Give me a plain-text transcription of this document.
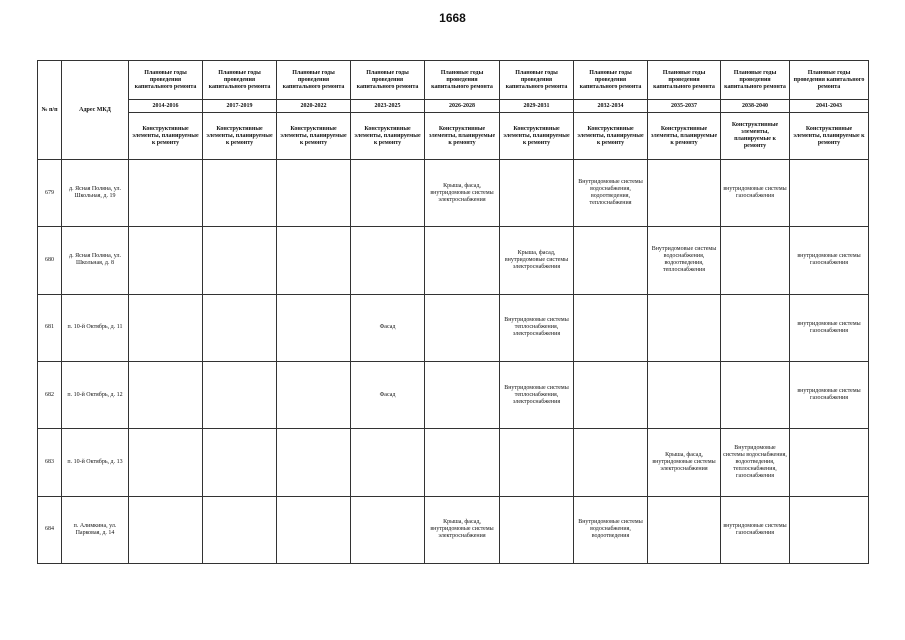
1668
№ п/п	Адрес МКД	Плановые годы проведения капитального ремонта	Плановые годы проведения капитального ремонта	Плановые годы проведения капитального ремонта	Плановые годы проведения капитального ремонта	Плановые годы проведения капитального ремонта	Плановые годы проведения капитального ремонта	Плановые годы проведения капитального ремонта	Плановые годы проведения капитального ремонта	Плановые годы проведения капитального ремонта	Плановые годы проведения капитального ремонта
		2014-2016	2017-2019	2020-2022	2023-2025	2026-2028	2029-2031	2032-2034	2035-2037	2038-2040	2041-2043
		Конструктивные элементы, планируемые к ремонту	Конструктивные элементы, планируемые к ремонту	Конструктивные элементы, планируемые к ремонту	Конструктивные элементы, планируемые к ремонту	Конструктивные элементы, планируемые к ремонту	Конструктивные элементы, планируемые к ремонту	Конструктивные элементы, планируемые к ремонту	Конструктивные элементы, планируемые к ремонту	Конструктивные элементы, планируемые к ремонту	Конструктивные элементы, планируемые к ремонту
679	д. Ясная Поляна, ул. Школьная, д. 19					Крыша, фасад, внутридомовые системы электроснабжения		Внутридомовые системы водоснабжения, водоотведения, теплоснабжения		внутридомовые системы газоснабжения	
680	д. Ясная Поляна, ул. Школьная, д. 8						Крыша, фасад, внутридомовые системы электроснабжения		Внутридомовые системы водоснабжения, водоотведения, теплоснабжения		внутридомовые системы газоснабжения
681	п. 10-й Октябрь, д. 11				Фасад		Внутридомовые системы теплоснабжения, электроснабжения				внутридомовые системы газоснабжения
682	п. 10-й Октябрь, д. 12				Фасад		Внутридомовые системы теплоснабжения, электроснабжения				внутридомовые системы газоснабжения
683	п. 10-й Октябрь, д. 13								Крыша, фасад, внутридомовые системы электроснабжения	Внутридомовые системы водоснабжения, водоотведения, теплоснабжения, газоснабжения	
684	п. Алимкина, ул. Парковая, д. 14					Крыша, фасад, внутридомовые системы электроснабжения		Внутридомовые системы водоснабжения, водоотведения		внутридомовые системы газоснабжения	
